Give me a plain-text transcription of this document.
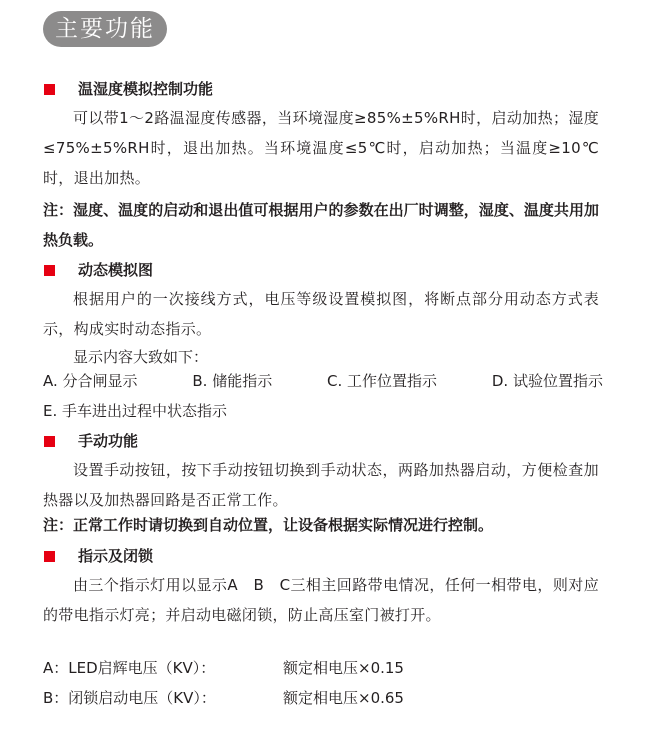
主要功能
温湿度模拟控制功能

可以带1～2路温湿度传感器，当环境湿度≥85%±5%RH时，启动加热；湿度≤75%±5%RH时，退出加热。当环境温度≤5℃时，启动加热；当温度≥10℃时，退出加热。

注：湿度、温度的启动和退出值可根据用户的参数在出厂时调整，湿度、温度共用加热负载。

动态模拟图

根据用户的一次接线方式，电压等级设置模拟图，将断点部分用动态方式表示，构成实时动态指示。

显示内容大致如下：
A. 分合闸显示	B. 储能指示	C. 工作位置指示	D. 试验位置指示
E. 手车进出过程中状态指示
手动功能

设置手动按钮，按下手动按钮切换到手动状态，两路加热器启动，方便检查加热器以及加热器回路是否正常工作。

注：正常工作时请切换到自动位置，让设备根据实际情况进行控制。

指示及闭锁

由三个指示灯用以显示A　B　C三相主回路带电情况，任何一相带电，则对应的带电指示灯亮；并启动电磁闭锁，防止高压室门被打开。

A：LED启辉电压（KV）：	额定相电压×0.15
B：闭锁启动电压（KV）：	额定相电压×0.65
